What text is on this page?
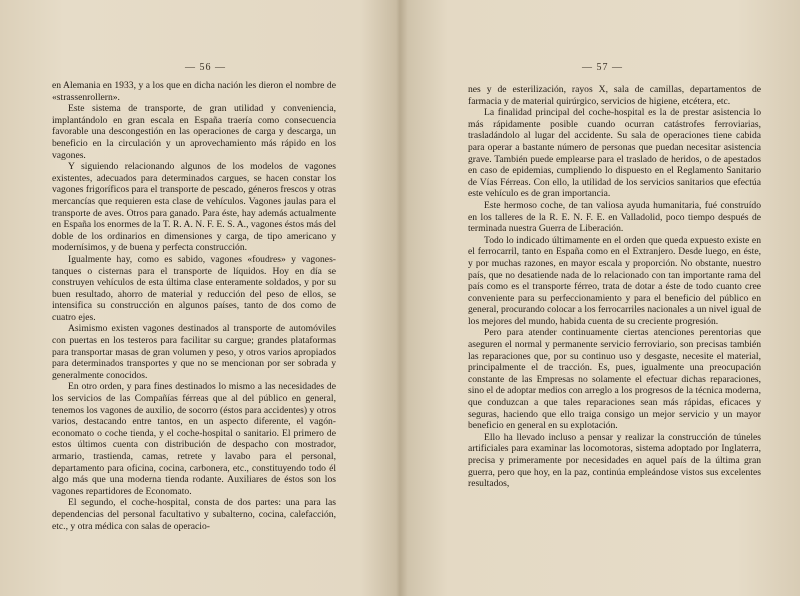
— 56 —

en Alemania en 1933, y a los que en dicha nación les dieron el nombre de «strassenrollern».

Este sistema de transporte, de gran utilidad y conveniencia, implantándolo en gran escala en España traería como consecuencia favorable una descongestión en las operaciones de carga y descarga, un beneficio en la circulación y un aprovechamiento más rápido en los vagones.

Y siguiendo relacionando algunos de los modelos de vagones existentes, adecuados para determinados cargues, se hacen constar los vagones frigoríficos para el transporte de pescado, géneros frescos y otras mercancías que requieren esta clase de vehículos. Vagones jaulas para el transporte de aves. Otros para ganado. Para éste, hay además actualmente en España los enormes de la T. R. A. N. F. E. S. A., vagones éstos más del doble de los ordinarios en dimensiones y carga, de tipo americano y modernísimos, y de buena y perfecta construcción.

Igualmente hay, como es sabido, vagones «foudres» y vagones-tanques o cisternas para el transporte de líquidos. Hoy en día se construyen vehículos de esta última clase enteramente soldados, y por su buen resultado, ahorro de material y reducción del peso de ellos, se intensifica su construcción en algunos países, tanto de dos como de cuatro ejes.

Asimismo existen vagones destinados al transporte de automóviles con puertas en los testeros para facilitar su cargue; grandes plataformas para transportar masas de gran volumen y peso, y otros varios apropiados para determinados transportes y que no se mencionan por ser sobrada y generalmente conocidos.

En otro orden, y para fines destinados lo mismo a las necesidades de los servicios de las Compañías férreas que al del público en general, tenemos los vagones de auxilio, de socorro (éstos para accidentes) y otros varios, destacando entre tantos, en un aspecto diferente, el vagón-economato o coche tienda, y el coche-hospital o sanitario. El primero de estos últimos cuenta con distribución de despacho con mostrador, armario, trastienda, camas, retrete y lavabo para el personal, departamento para oficina, cocina, carbonera, etc., constituyendo todo él algo más que una moderna tienda rodante. Auxiliares de éstos son los vagones repartidores de Economato.

El segundo, el coche-hospital, consta de dos partes: una para las dependencias del personal facultativo y subalterno, cocina, calefacción, etc., y otra médica con salas de operacio-

— 57 —

nes y de esterilización, rayos X, sala de camillas, departamentos de farmacia y de material quirúrgico, servicios de higiene, etcétera, etc.

La finalidad principal del coche-hospital es la de prestar asistencia lo más rápidamente posible cuando ocurran catástrofes ferroviarias, trasladándolo al lugar del accidente. Su sala de operaciones tiene cabida para operar a bastante número de personas que puedan necesitar asistencia grave. También puede emplearse para el traslado de heridos, o de apestados en caso de epidemias, cumpliendo lo dispuesto en el Reglamento Sanitario de Vías Férreas. Con ello, la utilidad de los servicios sanitarios que efectúa este vehículo es de gran importancia.

Este hermoso coche, de tan valiosa ayuda humanitaria, fué construído en los talleres de la R. E. N. F. E. en Valladolid, poco tiempo después de terminada nuestra Guerra de Liberación.

Todo lo indicado últimamente en el orden que queda expuesto existe en el ferrocarril, tanto en España como en el Extranjero. Desde luego, en éste, y por muchas razones, en mayor escala y proporción. No obstante, nuestro país, que no desatiende nada de lo relacionado con tan importante rama del país como es el transporte férreo, trata de dotar a éste de todo cuanto cree conveniente para su perfeccionamiento y para el beneficio del público en general, procurando colocar a los ferrocarriles nacionales a un nivel igual de los mejores del mundo, habida cuenta de su creciente progresión.

Pero para atender continuamente ciertas atenciones perentorias que aseguren el normal y permanente servicio ferroviario, son precisas también las reparaciones que, por su continuo uso y desgaste, necesite el material, principalmente el de tracción. Es, pues, igualmente una preocupación constante de las Empresas no solamente el efectuar dichas reparaciones, sino el de adoptar medios con arreglo a los progresos de la técnica moderna, que conduzcan a que tales reparaciones sean más rápidas, eficaces y seguras, haciendo que ello traiga consigo un mejor servicio y un mayor beneficio en general en su explotación.

Ello ha llevado incluso a pensar y realizar la construcción de túneles artificiales para examinar las locomotoras, sistema adoptado por Inglaterra, precisa y primeramente por necesidades en aquel país de la última gran guerra, pero que hoy, en la paz, continúa empleándose vistos sus excelentes resultados,
